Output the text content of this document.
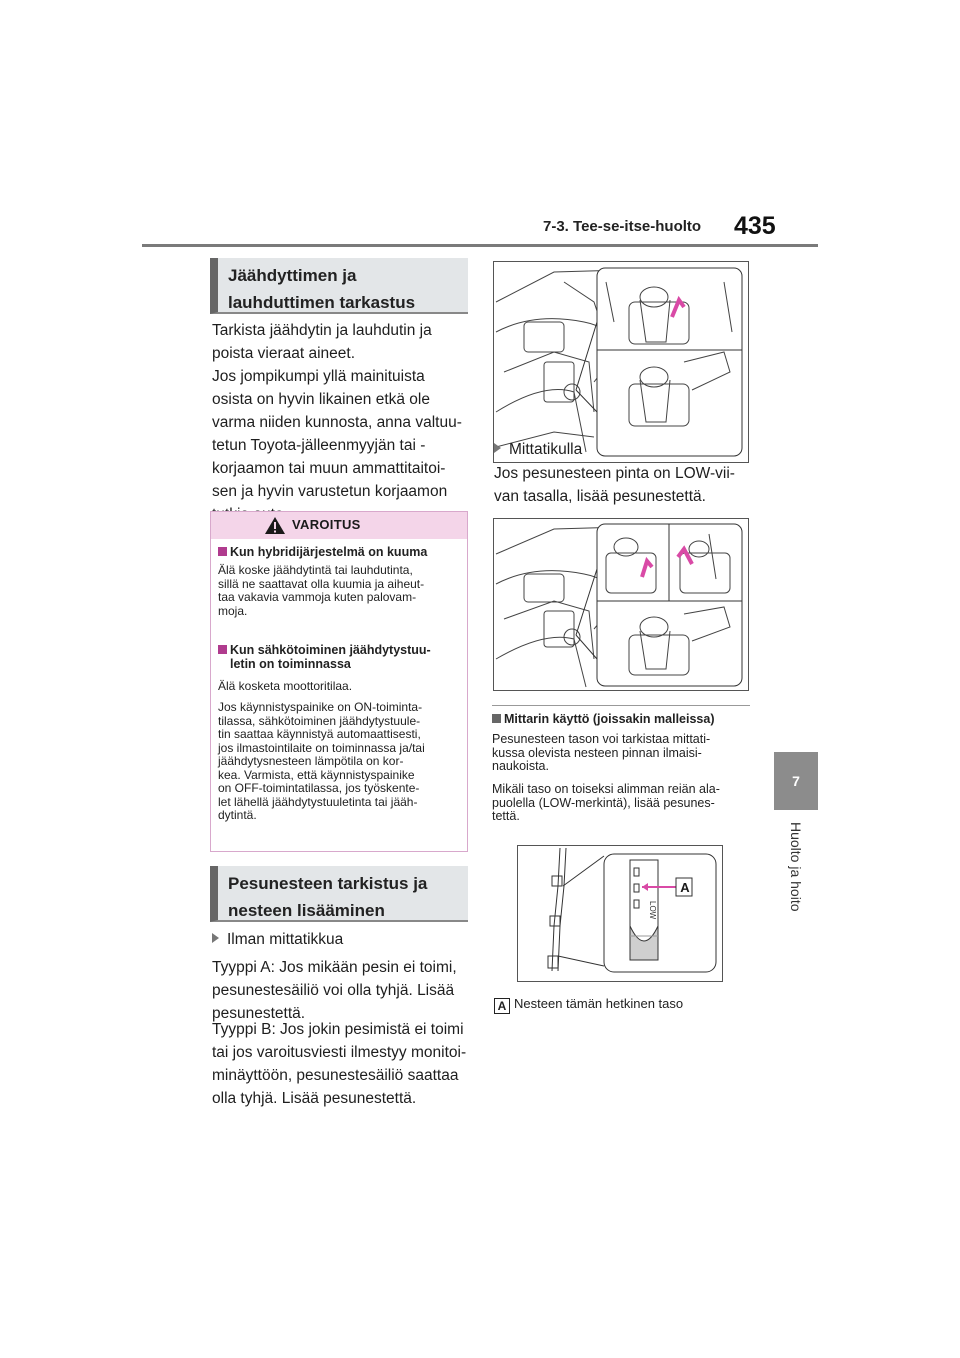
7-3. Tee-se-itse-huolto 435
7
Huolto ja hoito
Jäähdyttimen ja
lauhduttimen tarkastus
Tarkista jäähdytin ja lauhdutin ja
poista vieraat aineet.
Jos jompikumpi yllä mainituista
osista on hyvin likainen etkä ole
varma niiden kunnosta, anna valtuu-
tetun Toyota-jälleenmyyjän tai -
korjaamon tai muun ammattitaitoi-
sen ja hyvin varustetun korjaamon
VAROITUS
Kun hybridijärjestelmä on kuuma
Älä koske jäähdytintä tai lauhdutinta,
sillä ne saattavat olla kuumia ja aiheut-
taa vakavia vammoja kuten palovam-
moja.
Kun sähkötoiminen jäähdytystuu-
letin on toiminnassa
Älä kosketa moottoritilaa.
Jos käynnistyspainike on ON-toiminta-
tilassa, sähkötoiminen jäähdytystuule-
tin saattaa käynnistyä automaattisesti,
jos ilmastointilaite on toiminnassa ja/tai
jäähdytysnesteen lämpötila on kor-
kea. Varmista, että käynnistyspainike
on OFF-toimintatilassa, jos työskente-
let lähellä jäähdytystuuletinta tai jääh-
dytintä.
Pesunesteen tarkistus ja
nesteen lisääminen
Ilman mittatikkua
Tyyppi A: Jos mikään pesin ei toimi,
pesunestesäiliö voi olla tyhjä. Lisää
pesunestettä.
Tyyppi B: Jos jokin pesimistä ei toimi
tai jos varoitusviesti ilmestyy monitoi-
minäyttöön, pesunestesäiliö saattaa
olla tyhjä. Lisää pesunestettä.
Mittatikulla
Jos pesunesteen pinta on LOW-vii-
van tasalla, lisää pesunestettä.
Mittarin käyttö (joissakin malleissa)
Pesunesteen tason voi tarkistaa mittati-
kussa olevista nesteen pinnan ilmaisi-
naukoista.
Mikäli taso on toiseksi alimman reiän ala-
puolella (LOW-merkintä), lisää pesunes-
tettä.
LOW
A
A Nesteen tämän hetkinen taso
